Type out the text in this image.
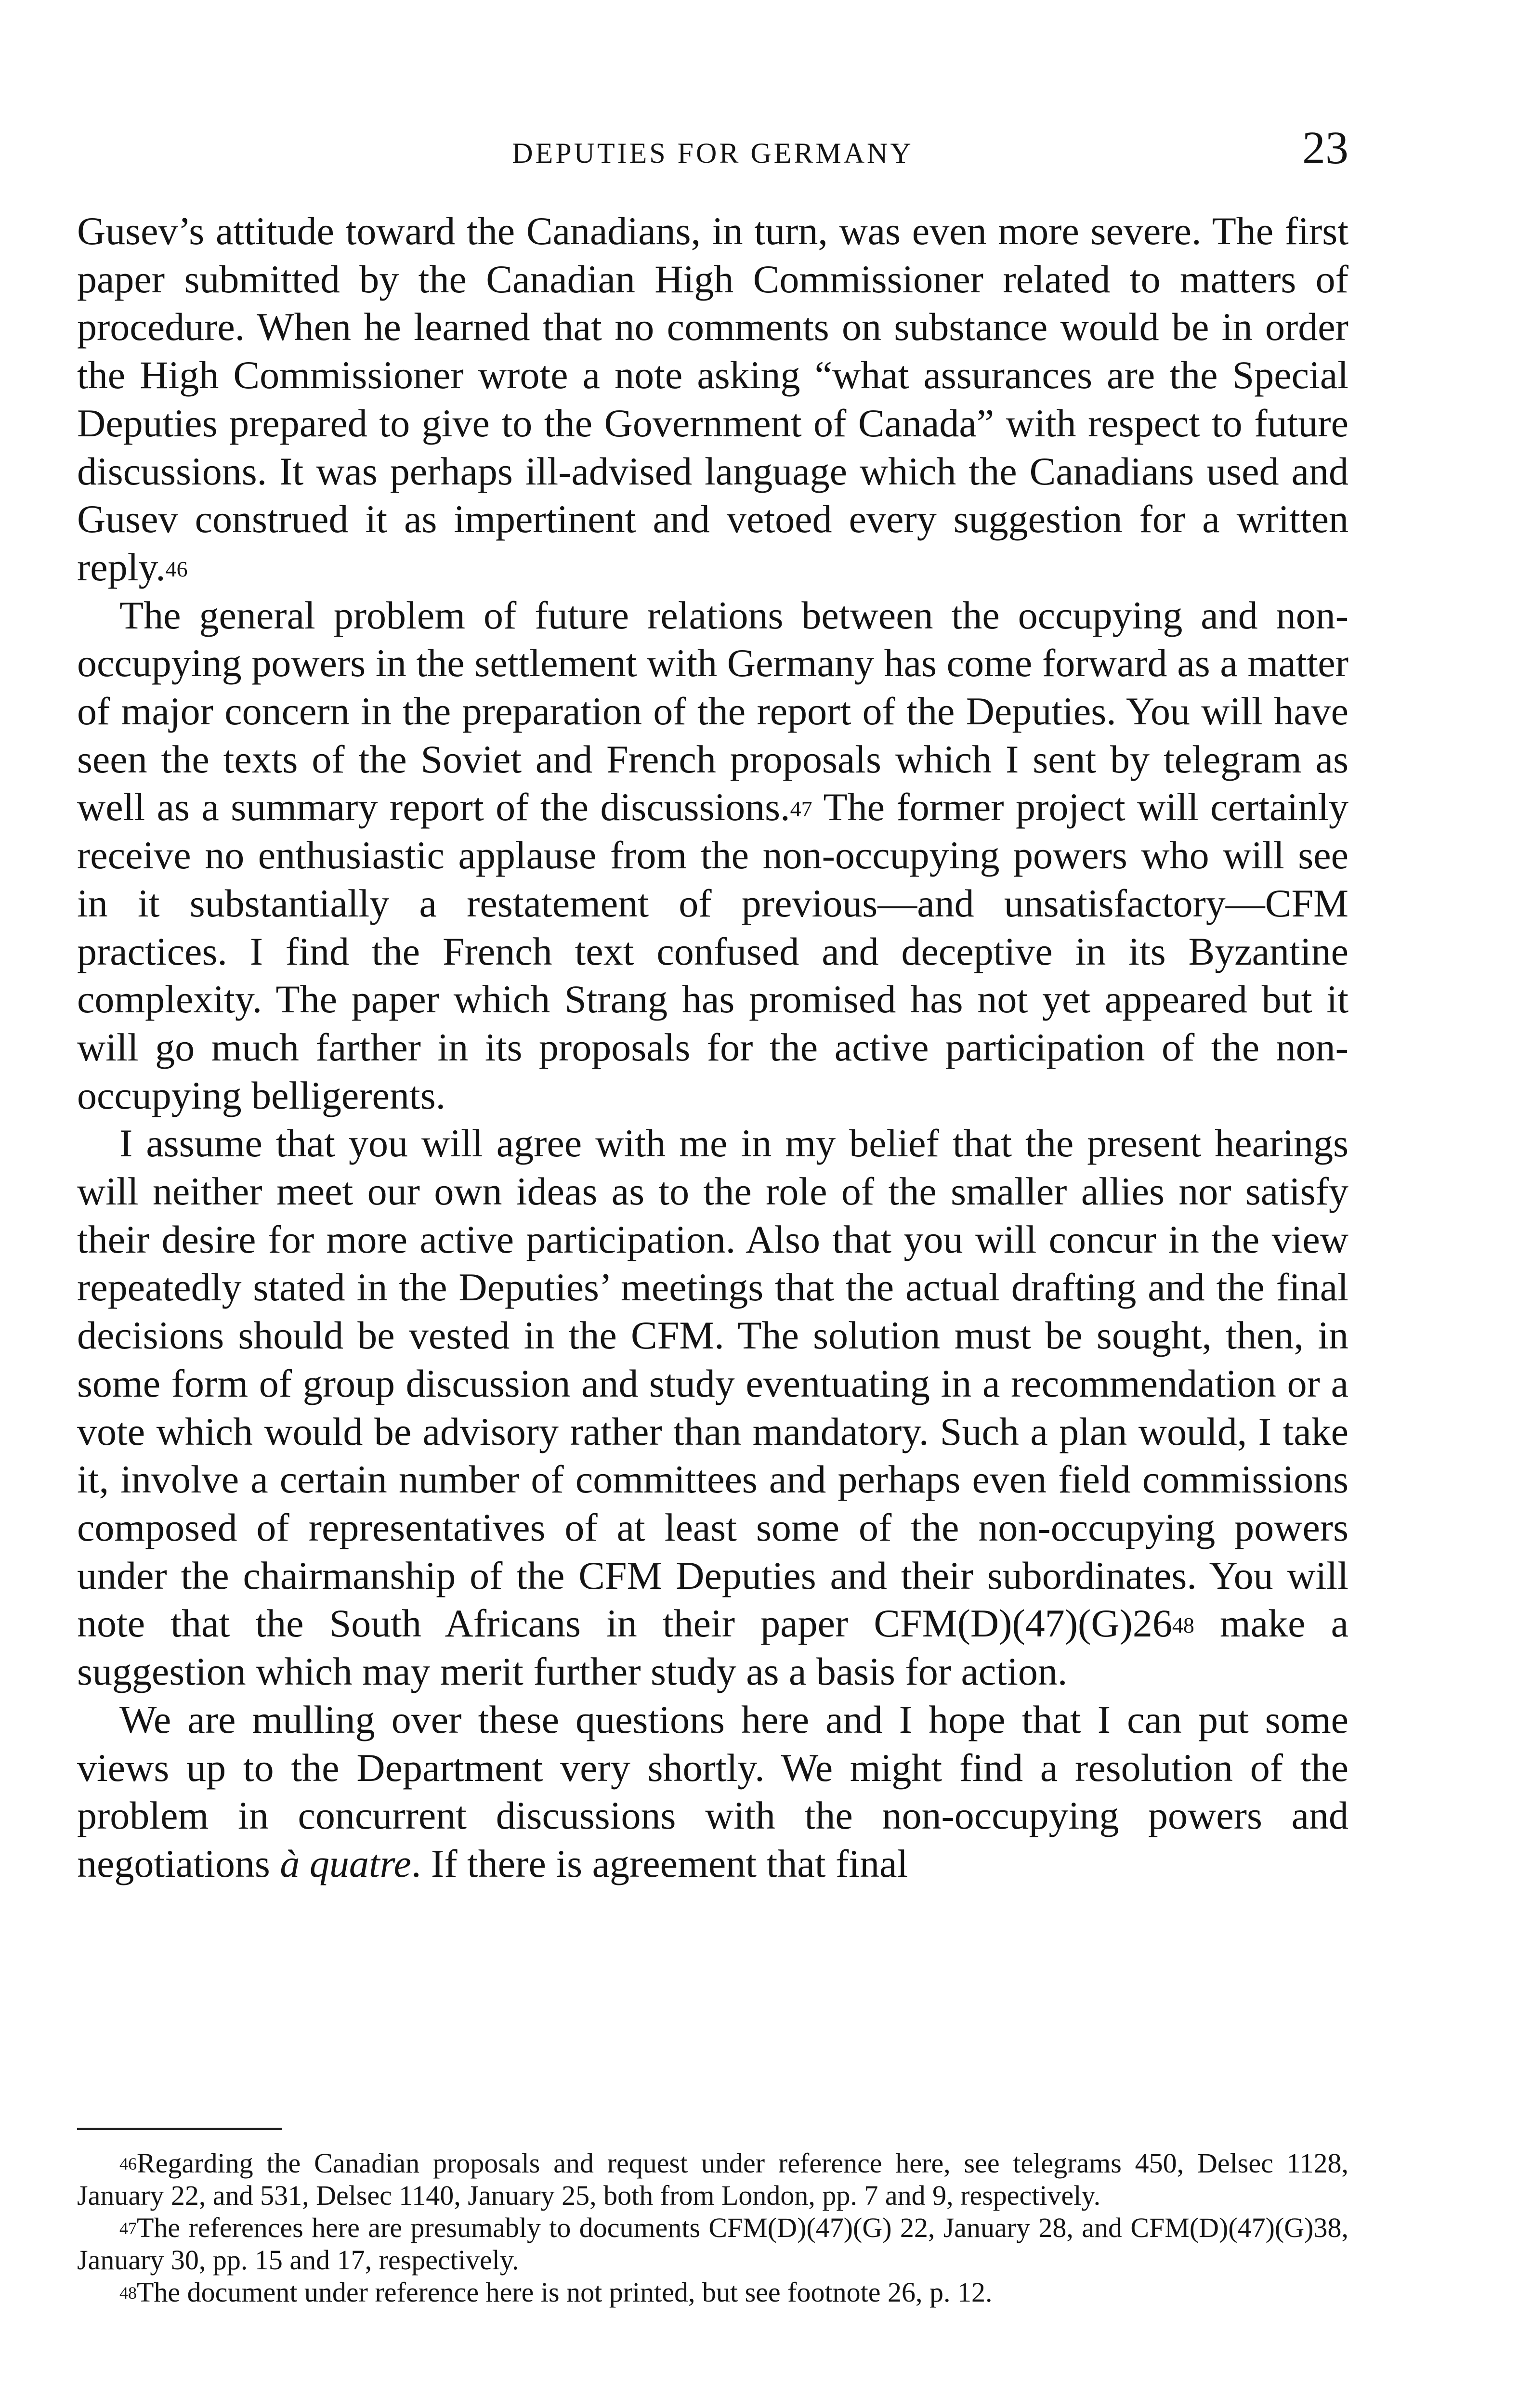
DEPUTIES FOR GERMANY	23

Gusev’s attitude toward the Canadians, in turn, was even more severe. The first paper submitted by the Canadian High Commissioner related to matters of procedure. When he learned that no comments on substance would be in order the High Commissioner wrote a note asking “what assurances are the Special Deputies prepared to give to the Government of Canada” with respect to future discussions. It was perhaps ill-advised language which the Canadians used and Gusev construed it as impertinent and vetoed every suggestion for a written reply.$^{46}$

The general problem of future relations between the occupying and non-occupying powers in the settlement with Germany has come forward as a matter of major concern in the preparation of the report of the Deputies. You will have seen the texts of the Soviet and French proposals which I sent by telegram as well as a summary report of the discussions.$^{47}$ The former project will certainly receive no enthusiastic applause from the non-occupying powers who will see in it substantially a restatement of previous—and unsatisfactory—CFM practices. I find the French text confused and deceptive in its Byzantine complexity. The paper which Strang has promised has not yet appeared but it will go much farther in its proposals for the active participation of the non-occupying belligerents.

I assume that you will agree with me in my belief that the present hearings will neither meet our own ideas as to the role of the smaller allies nor satisfy their desire for more active participation. Also that you will concur in the view repeatedly stated in the Deputies’ meetings that the actual drafting and the final decisions should be vested in the CFM. The solution must be sought, then, in some form of group discussion and study eventuating in a recommendation or a vote which would be advisory rather than mandatory. Such a plan would, I take it, involve a certain number of committees and perhaps even field commissions composed of representatives of at least some of the non-occupying powers under the chairmanship of the CFM Deputies and their subordinates. You will note that the South Africans in their paper CFM(D)(47)(G)26$^{48}$ make a suggestion which may merit further study as a basis for action.

We are mulling over these questions here and I hope that I can put some views up to the Department very shortly. We might find a resolution of the problem in concurrent discussions with the non-occupying powers and negotiations à quatre. If there is agreement that final

$^{46}$Regarding the Canadian proposals and request under reference here, see telegrams 450, Delsec 1128, January 22, and 531, Delsec 1140, January 25, both from London, pp. 7 and 9, respectively.

$^{47}$The references here are presumably to documents CFM(D)(47)(G) 22, January 28, and CFM(D)(47)(G)38, January 30, pp. 15 and 17, respectively.

$^{48}$The document under reference here is not printed, but see footnote 26, p. 12.
